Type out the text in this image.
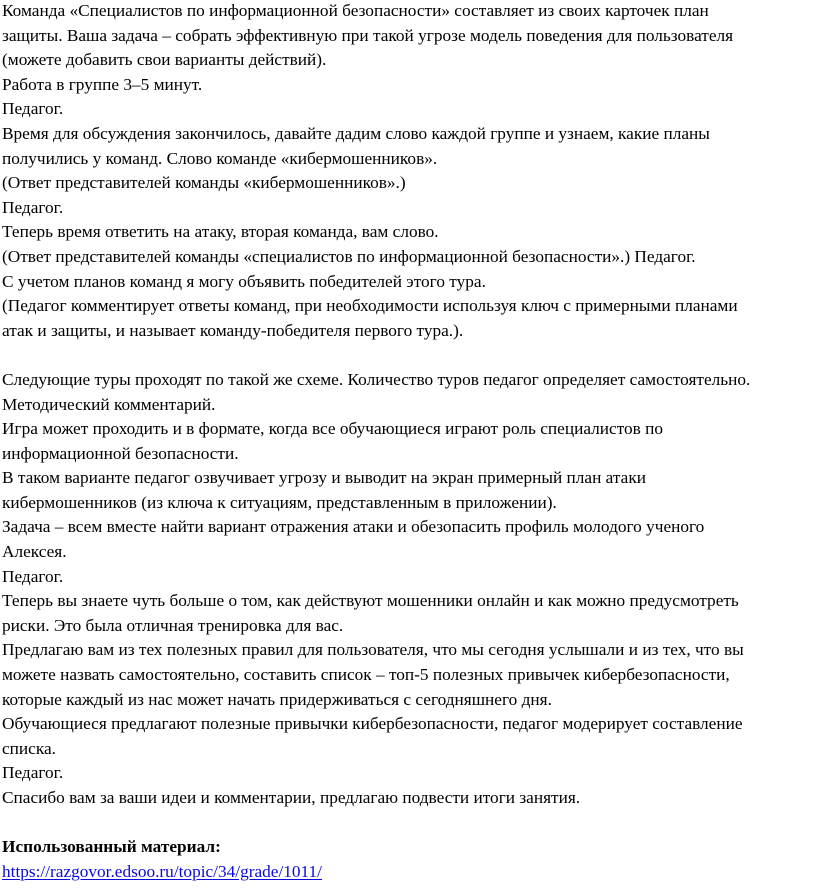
Команда «Специалистов по информационной безопасности» составляет из своих карточек план
защиты. Ваша задача – собрать эффективную при такой угрозе модель поведения для пользователя
(можете добавить свои варианты действий).
Работа в группе 3–5 минут.
Педагог.
Время для обсуждения закончилось, давайте дадим слово каждой группе и узнаем, какие планы
получились у команд. Слово команде «кибермошенников».
(Ответ представителей команды «кибермошенников».)
Педагог.
Теперь время ответить на атаку, вторая команда, вам слово.
(Ответ представителей команды «специалистов по информационной безопасности».) Педагог.
С учетом планов команд я могу объявить победителей этого тура.
(Педагог комментирует ответы команд, при необходимости используя ключ с примерными планами
атак и защиты, и называет команду-победителя первого тура.).
Следующие туры проходят по такой же схеме. Количество туров педагог определяет самостоятельно.
Методический комментарий.
Игра может проходить и в формате, когда все обучающиеся играют роль специалистов по
информационной безопасности.
В таком варианте педагог озвучивает угрозу и выводит на экран примерный план атаки
кибермошенников (из ключа к ситуациям, представленным в приложении).
Задача – всем вместе найти вариант отражения атаки и обезопасить профиль молодого ученого
Алексея.
Педагог.
Теперь вы знаете чуть больше о том, как действуют мошенники онлайн и как можно предусмотреть
риски. Это была отличная тренировка для вас.
Предлагаю вам из тех полезных правил для пользователя, что мы сегодня услышали и из тех, что вы
можете назвать самостоятельно, составить список – топ-5 полезных привычек кибербезопасности,
которые каждый из нас может начать придерживаться с сегодняшнего дня.
Обучающиеся предлагают полезные привычки кибербезопасности, педагог модерирует составление
списка.
Педагог.
Спасибо вам за ваши идеи и комментарии, предлагаю подвести итоги занятия.
Использованный материал:
https://razgovor.edsoo.ru/topic/34/grade/1011/
